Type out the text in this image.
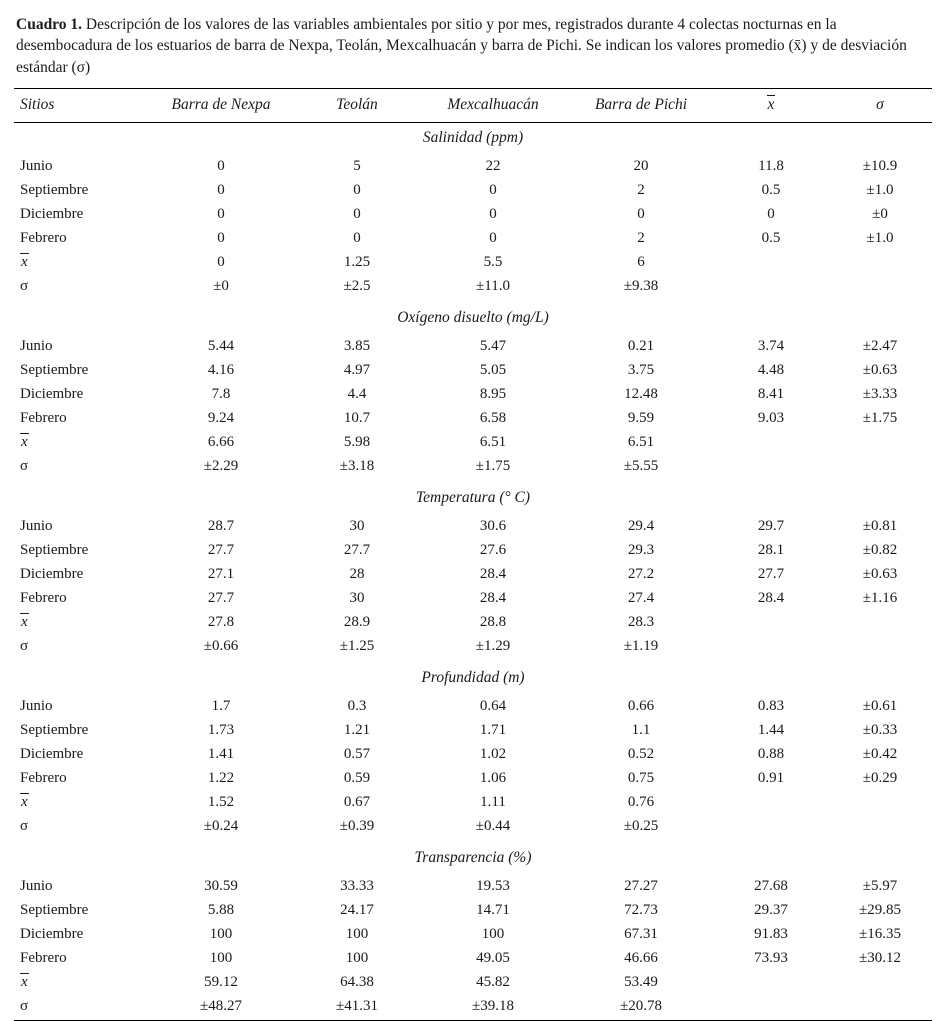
Cuadro 1. Descripción de los valores de las variables ambientales por sitio y por mes, registrados durante 4 colectas nocturnas en la desembocadura de los estuarios de barra de Nexpa, Teolán, Mexcalhuacán y barra de Pichi. Se indican los valores promedio (x̄) y de desviación estándar (σ)

Sitios	Barra de Nexpa	Teolán	Mexcalhuacán	Barra de Pichi	x	σ
Salinidad (ppm)						
Junio	0	5	22	20	11.8	±10.9
Septiembre	0	0	0	2	0.5	±1.0
Diciembre	0	0	0	0	0	±0
Febrero	0	0	0	2	0.5	±1.0
x	0	1.25	5.5	6		
σ	±0	±2.5	±11.0	±9.38		

Oxígeno disuelto (mg/L)						
Junio	5.44	3.85	5.47	0.21	3.74	±2.47
Septiembre	4.16	4.97	5.05	3.75	4.48	±0.63
Diciembre	7.8	4.4	8.95	12.48	8.41	±3.33
Febrero	9.24	10.7	6.58	9.59	9.03	±1.75
x	6.66	5.98	6.51	6.51		
σ	±2.29	±3.18	±1.75	±5.55		

Temperatura (° C)						
Junio	28.7	30	30.6	29.4	29.7	±0.81
Septiembre	27.7	27.7	27.6	29.3	28.1	±0.82
Diciembre	27.1	28	28.4	27.2	27.7	±0.63
Febrero	27.7	30	28.4	27.4	28.4	±1.16
x	27.8	28.9	28.8	28.3		
σ	±0.66	±1.25	±1.29	±1.19		

Profundidad (m)						
Junio	1.7	0.3	0.64	0.66	0.83	±0.61
Septiembre	1.73	1.21	1.71	1.1	1.44	±0.33
Diciembre	1.41	0.57	1.02	0.52	0.88	±0.42
Febrero	1.22	0.59	1.06	0.75	0.91	±0.29
x	1.52	0.67	1.11	0.76		
σ	±0.24	±0.39	±0.44	±0.25		

Transparencia (%)						
Junio	30.59	33.33	19.53	27.27	27.68	±5.97
Septiembre	5.88	24.17	14.71	72.73	29.37	±29.85
Diciembre	100	100	100	67.31	91.83	±16.35
Febrero	100	100	49.05	46.66	73.93	±30.12
x	59.12	64.38	45.82	53.49		
σ	±48.27	±41.31	±39.18	±20.78		
